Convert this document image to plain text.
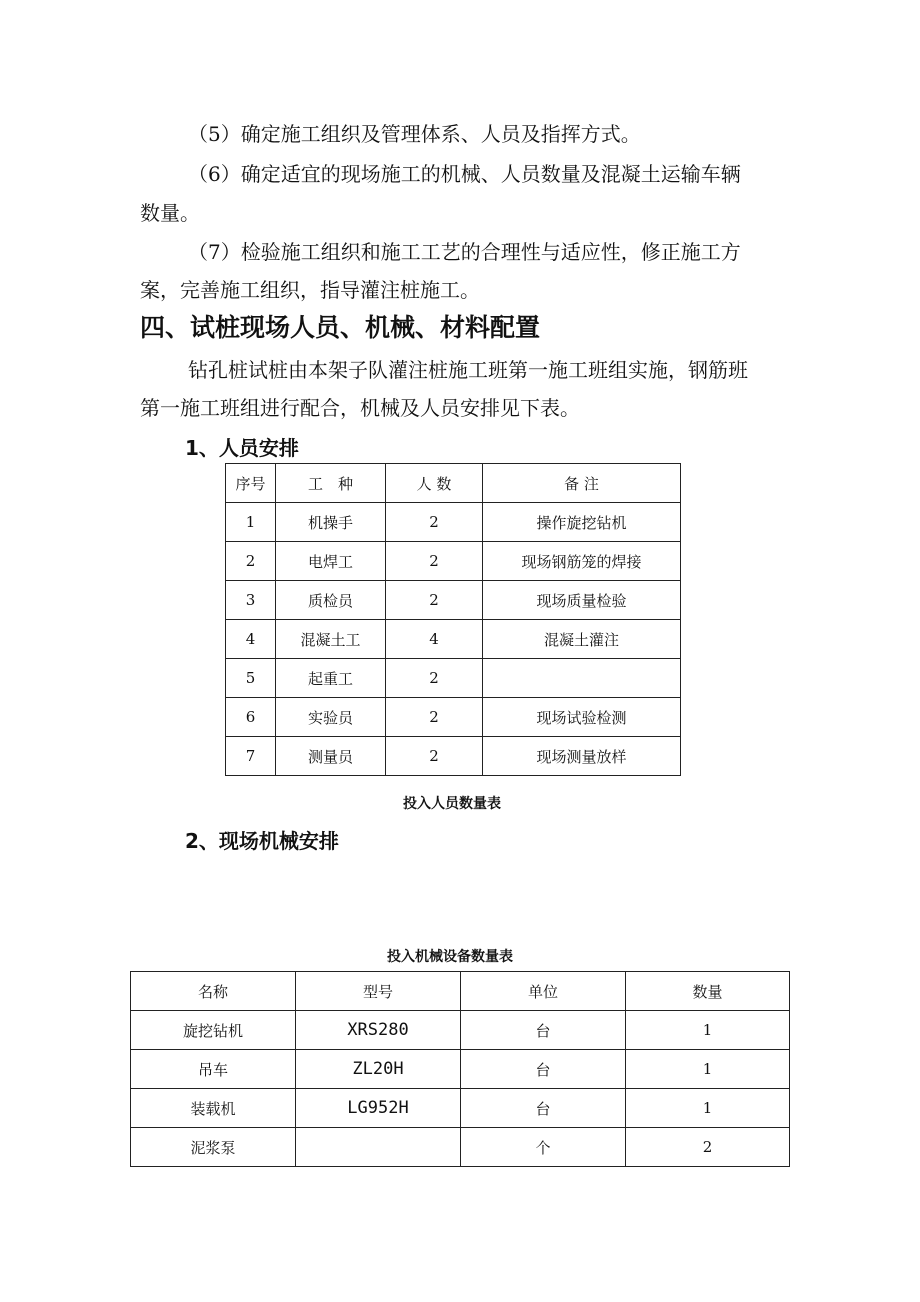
（5）确定施工组织及管理体系、人员及指挥方式。
（6）确定适宜的现场施工的机械、人员数量及混凝土运输车辆
数量。
（7）检验施工组织和施工工艺的合理性与适应性，修正施工方
案，完善施工组织，指导灌注桩施工。
四、试桩现场人员、机械、材料配置
钻孔桩试桩由本架子队灌注桩施工班第一施工班组实施，钢筋班
第一施工班组进行配合，机械及人员安排见下表。
1、人员安排
序号	工　种	人 数	备 注
1	机操手	2	操作旋挖钻机
2	电焊工	2	现场钢筋笼的焊接
3	质检员	2	现场质量检验
4	混凝土工	4	混凝土灌注
5	起重工	2	
6	实验员	2	现场试验检测
7	测量员	2	现场测量放样
投入人员数量表
2、现场机械安排
投入机械设备数量表
名称	型号	单位	数量
旋挖钻机	XRS280	台	1
吊车	ZL20H	台	1
装载机	LG952H	台	1
泥浆泵		个	2
